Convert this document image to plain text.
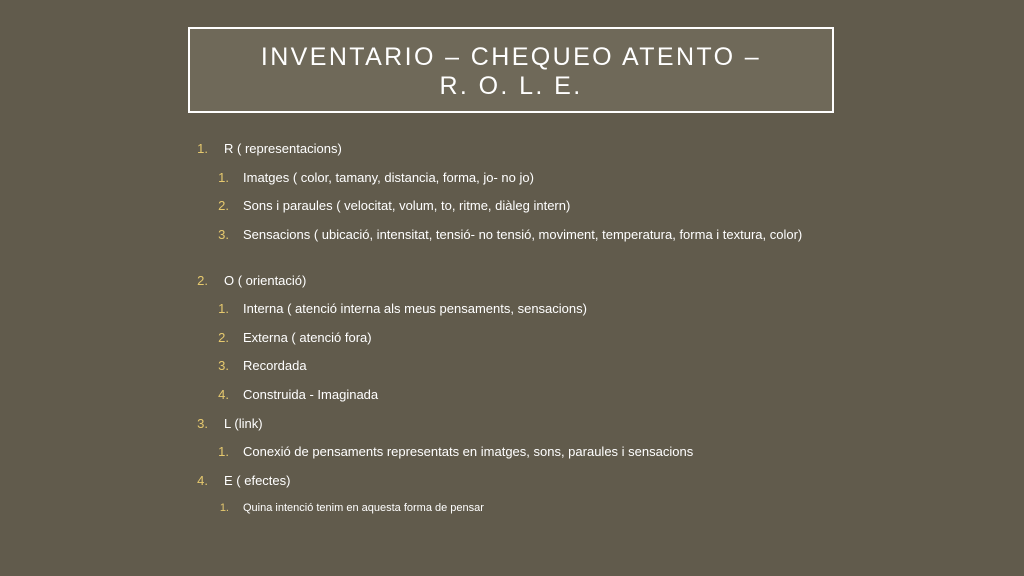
INVENTARIO – CHEQUEO ATENTO –
R. O. L. E.
1. R ( representacions)
1. Imatges ( color, tamany, distancia, forma, jo- no jo)
2. Sons i paraules ( velocitat, volum, to, ritme, diàleg intern)
3. Sensacions ( ubicació, intensitat, tensió- no tensió, moviment, temperatura, forma i textura, color)
2. O ( orientació)
1. Interna ( atenció interna als meus pensaments, sensacions)
2. Externa ( atenció fora)
3. Recordada
4. Construida - Imaginada
3. L (link)
1. Conexió de pensaments representats en imatges, sons, paraules i sensacions
4. E ( efectes)
1. Quina intenció tenim en aquesta forma de pensar
